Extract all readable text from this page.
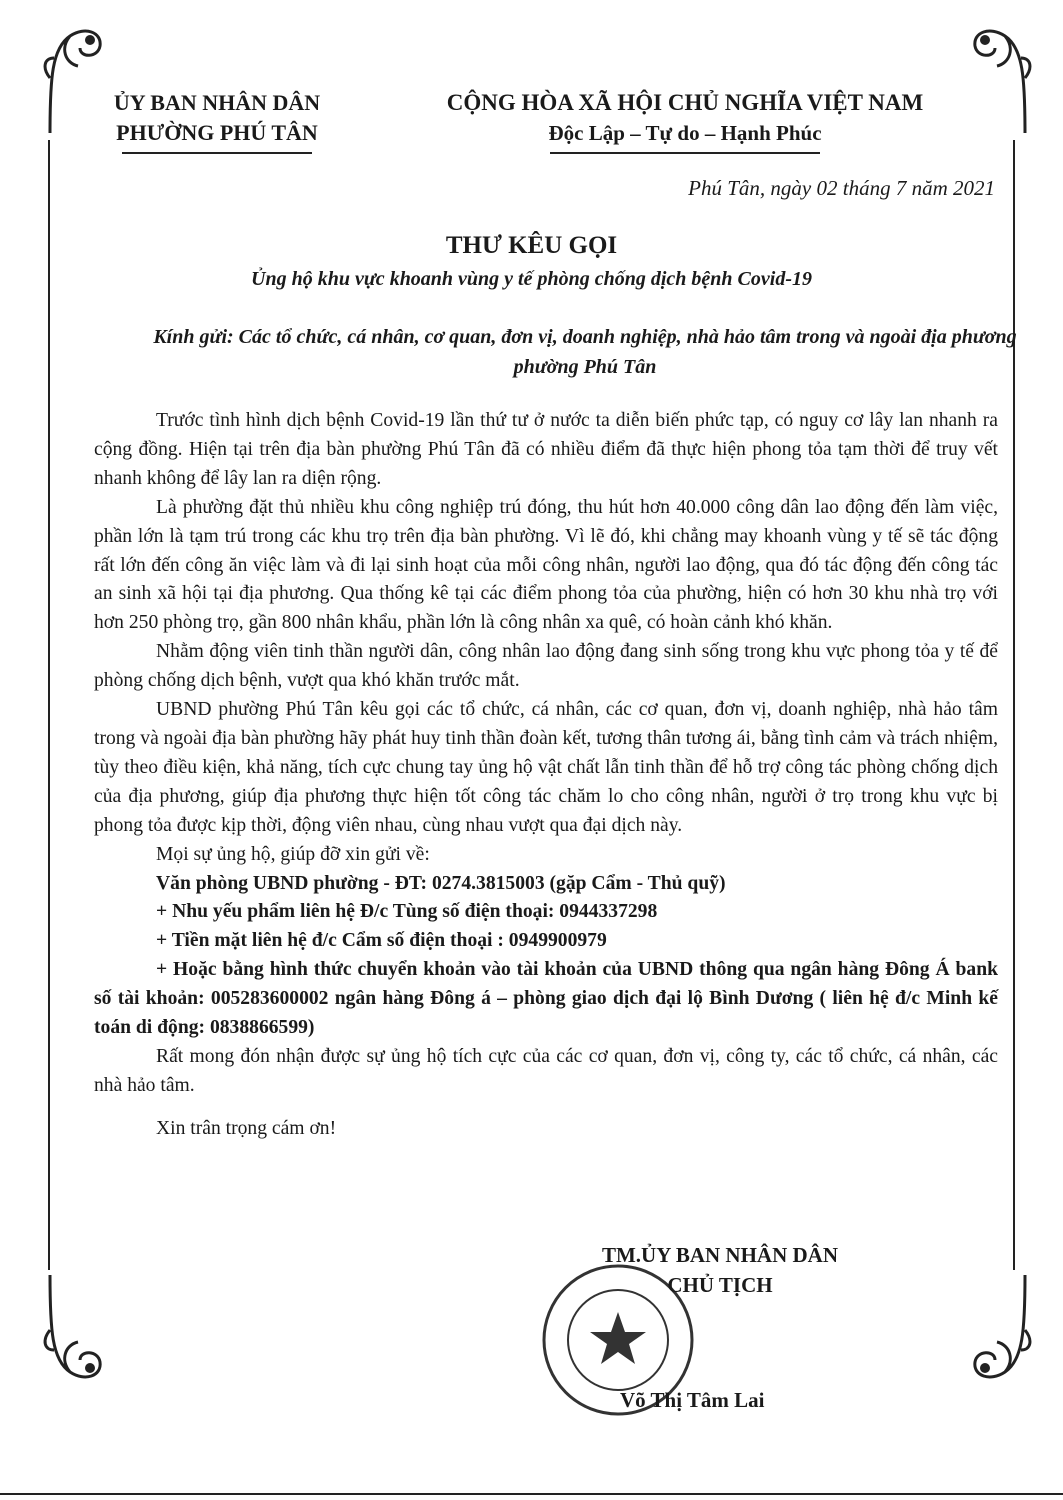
ỦY BAN NHÂN DÂN
PHƯỜNG PHÚ TÂN
CỘNG HÒA XÃ HỘI CHỦ NGHĨA VIỆT NAM
Độc Lập – Tự do – Hạnh Phúc
Phú Tân, ngày 02 tháng 7 năm 2021
THƯ KÊU GỌI
Ủng hộ khu vực khoanh vùng y tế phòng chống dịch bệnh Covid-19
Kính gửi: Các tổ chức, cá nhân, cơ quan, đơn vị, doanh nghiệp, nhà hảo tâm trong và ngoài địa phương phường Phú Tân

Trước tình hình dịch bệnh Covid-19 lần thứ tư ở nước ta diễn biến phức tạp, có nguy cơ lây lan nhanh ra cộng đồng. Hiện tại trên địa bàn phường Phú Tân đã có nhiều điểm đã thực hiện phong tỏa tạm thời để truy vết nhanh không để lây lan ra diện rộng.

Là phường đặt thủ nhiều khu công nghiệp trú đóng, thu hút hơn 40.000 công dân lao động đến làm việc, phần lớn là tạm trú trong các khu trọ trên địa bàn phường. Vì lẽ đó, khi chẳng may khoanh vùng y tế sẽ tác động rất lớn đến công ăn việc làm và đi lại sinh hoạt của mỗi công nhân, người lao động, qua đó tác động đến công tác an sinh xã hội tại địa phương. Qua thống kê tại các điểm phong tỏa của phường, hiện có hơn 30 khu nhà trọ với hơn 250 phòng trọ, gần 800 nhân khẩu, phần lớn là công nhân xa quê, có hoàn cảnh khó khăn.

Nhằm động viên tinh thần người dân, công nhân lao động đang sinh sống trong khu vực phong tỏa y tế để phòng chống dịch bệnh, vượt qua khó khăn trước mắt.

UBND phường Phú Tân kêu gọi các tổ chức, cá nhân, các cơ quan, đơn vị, doanh nghiệp, nhà hảo tâm trong và ngoài địa bàn phường hãy phát huy tinh thần đoàn kết, tương thân tương ái, bằng tình cảm và trách nhiệm, tùy theo điều kiện, khả năng, tích cực chung tay ủng hộ vật chất lẫn tinh thần để hỗ trợ công tác phòng chống dịch của địa phương, giúp địa phương thực hiện tốt công tác chăm lo cho công nhân, người ở trọ trong khu vực bị phong tỏa được kịp thời, động viên nhau, cùng nhau vượt qua đại dịch này.

Mọi sự ủng hộ, giúp đỡ xin gửi về:

Văn phòng UBND phường - ĐT: 0274.3815003 (gặp Cẩm - Thủ quỹ)

+ Nhu yếu phẩm liên hệ Đ/c Tùng số điện thoại: 0944337298

+ Tiền mặt liên hệ đ/c Cẩm số điện thoại : 0949900979

+ Hoặc bằng hình thức chuyển khoản vào tài khoản của UBND thông qua ngân hàng Đông Á bank số tài khoản: 005283600002 ngân hàng Đông á – phòng giao dịch đại lộ Bình Dương ( liên hệ đ/c Minh kế toán di động: 0838866599)

Rất mong đón nhận được sự ủng hộ tích cực của các cơ quan, đơn vị, công ty, các tổ chức, cá nhân, các nhà hảo tâm.

Xin trân trọng cám ơn!

TM.ỦY BAN NHÂN DÂN
CHỦ TỊCH
Võ Thị Tâm Lai
